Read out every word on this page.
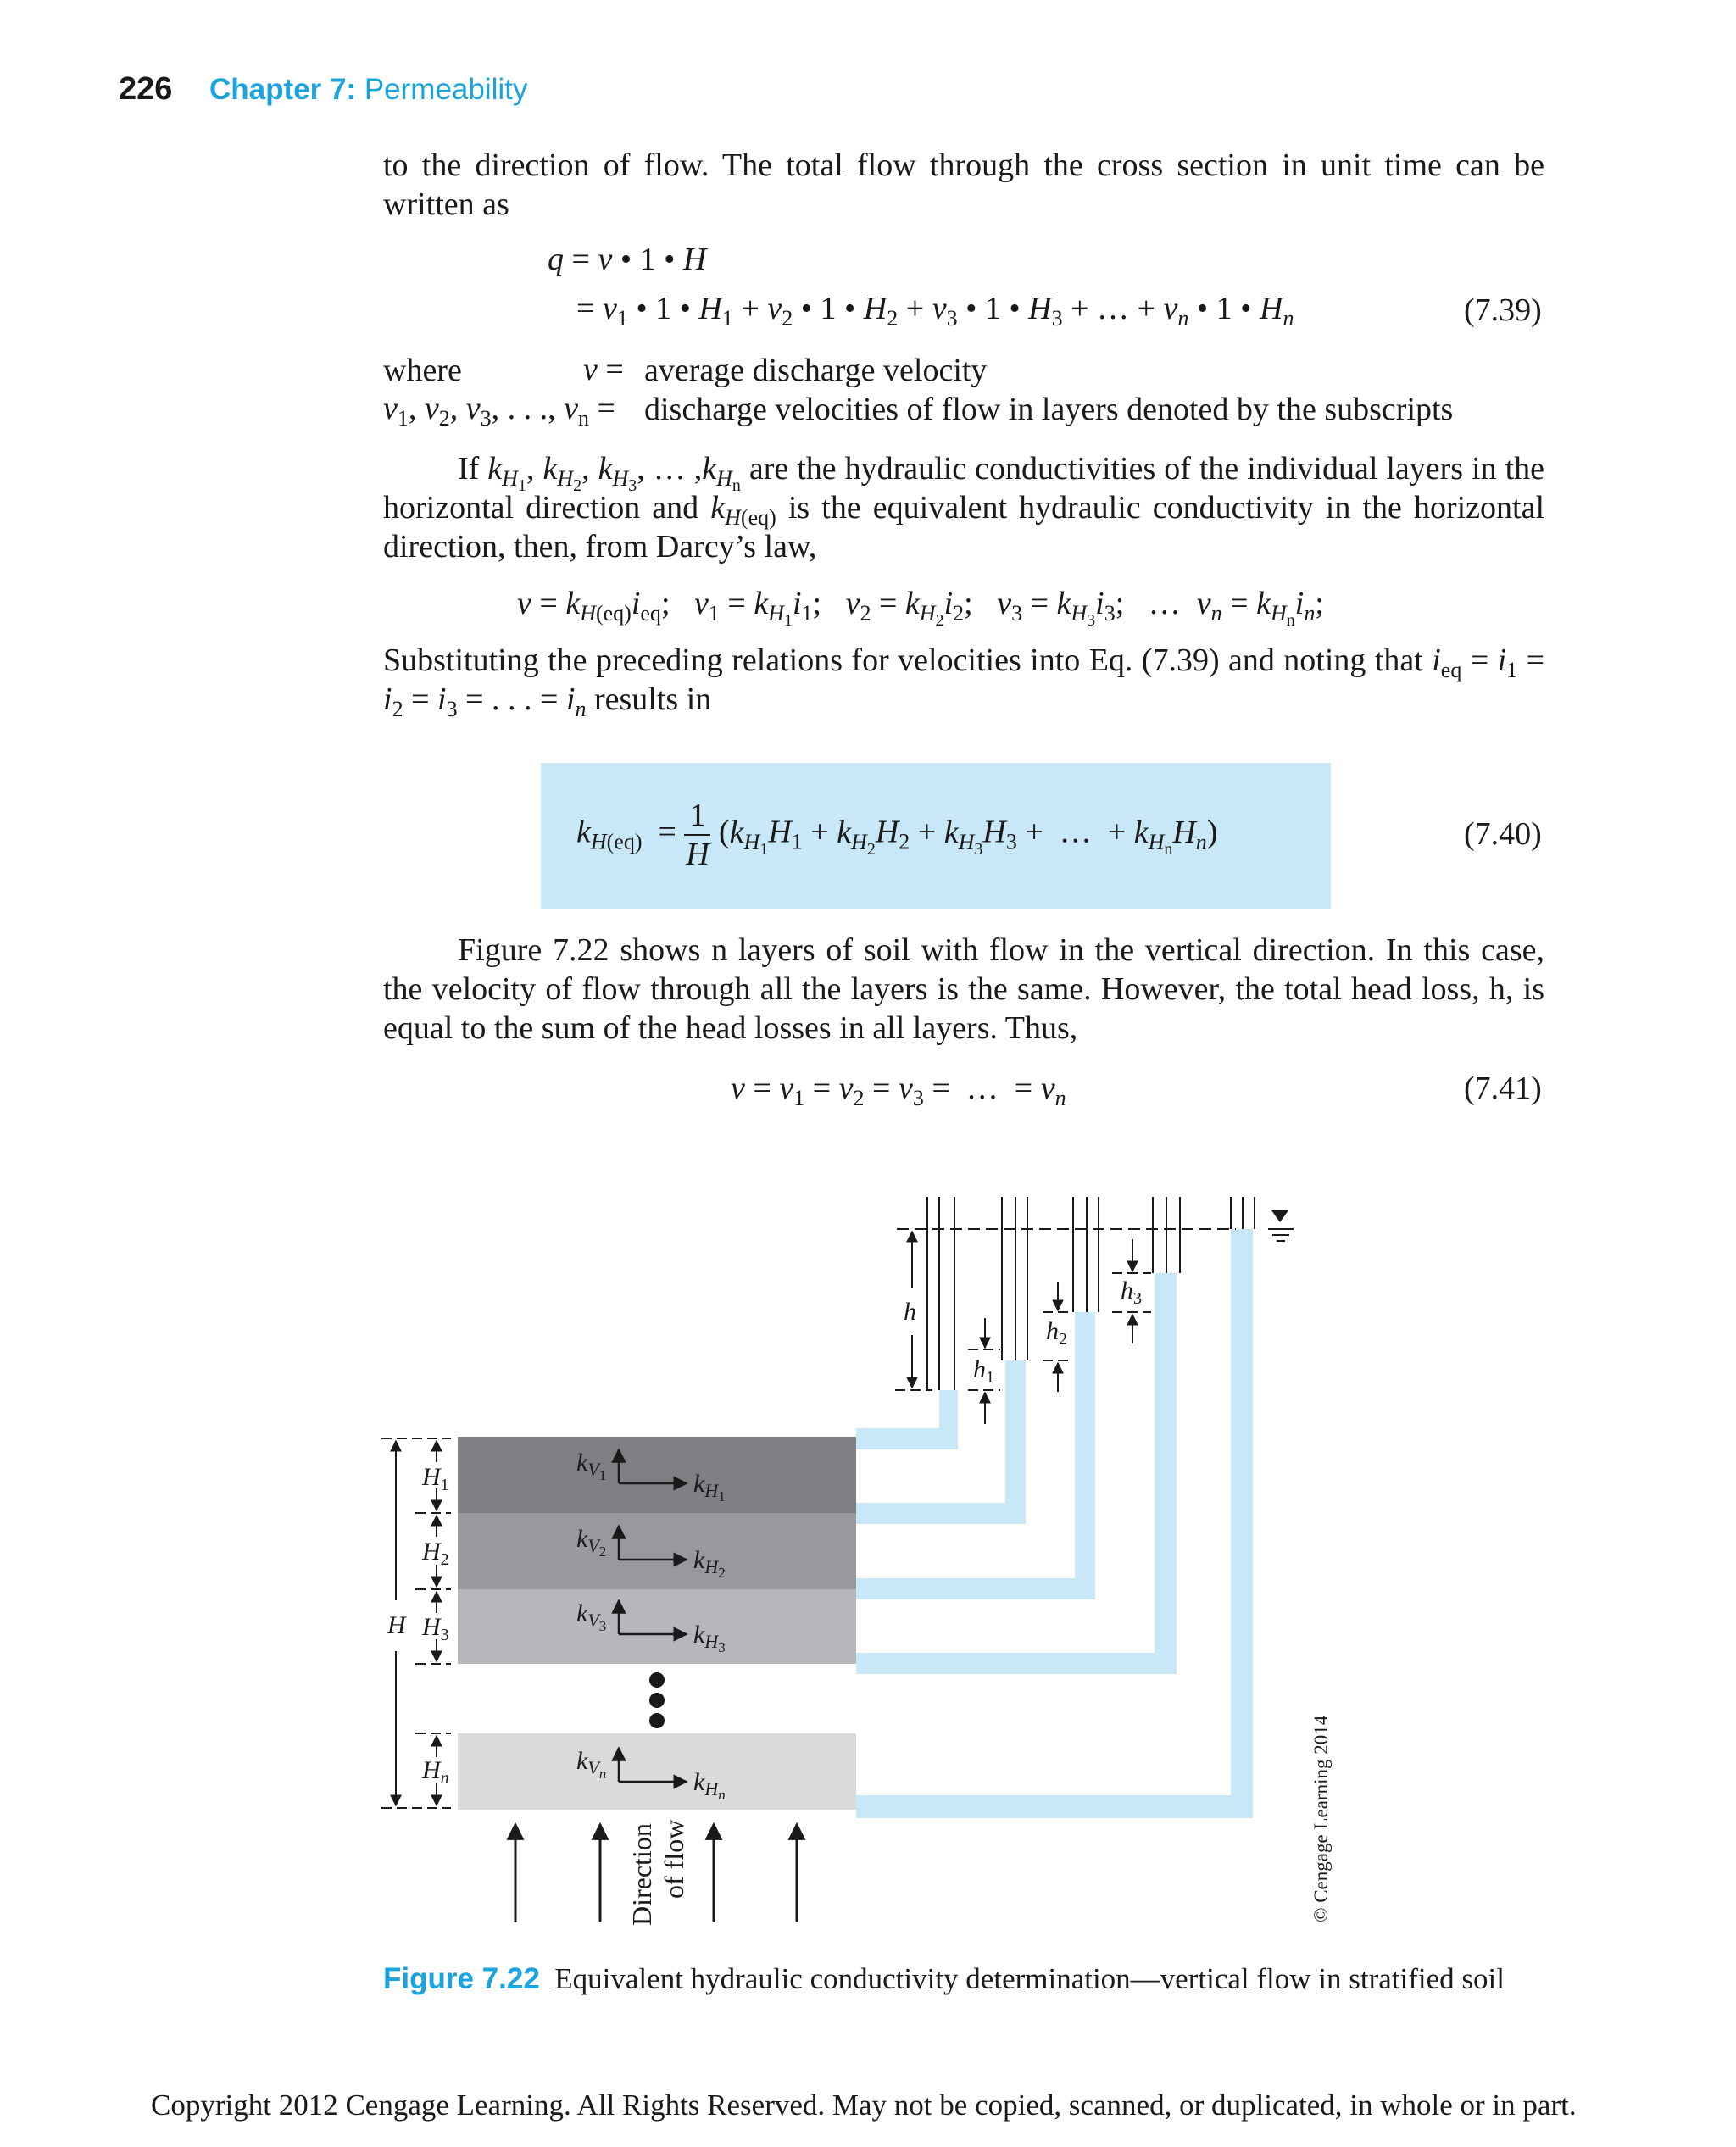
226 Chapter 7: Permeability
to the direction of flow. The total flow through the cross section in unit time can be written as
q = v • 1 • H
= $v_1$ • 1 • $H_1 + v_2$ • 1 • $H_2 + v_3$ • 1 • $H_3$ + … + $v_n$ • 1 • $H_n$	(7.39)
where	v = average discharge velocity
$v_1$, $v_2$, $v_3$, . . ., $v_n$ = discharge velocities of flow in layers denoted by the subscripts
If $k_{H_1}$, $k_{H_2}$, $k_{H_3}$, … $,k_{H_n}$ are the hydraulic conductivities of the individual layers in the horizontal direction and $k_{H(eq)}$ is the equivalent hydraulic conductivity in the horizontal direction, then, from Darcy’s law,
$v = k_{H(eq)}i_{eq}$;   $v_1 = k_{H_1}i_1$;   $v_2 = k_{H_2}i_2$;   $v_3 = k_{H_3}i_3$;   …  $v_n = k_{H_n}i_n$;
Substituting the preceding relations for velocities into Eq. (7.39) and noting that $i_{eq} = i_1 = i_2 = i_3$ = . . . = $i_n$ results in
$k_{H(eq)} = \frac{1}{H} (k_{H_1}H_1 + k_{H_2}H_2 + k_{H_3}H_3$ +  …  + $k_{H_n}H_n$)	(7.40)
Figure 7.22 shows n layers of soil with flow in the vertical direction. In this case, the velocity of flow through all the layers is the same. However, the total head loss, h, is equal to the sum of the head losses in all layers. Thus,
$v = v_1 = v_2 = v_3$ =  …  = $v_n$	(7.41)
$k_V1$	$k_H1$
$k_V2$	$k_H2$
$k_V3$	$k_H3$
$k_Vn$	$k_Hn$
$H_1$
$H_2$
H $H_3$
$H_n$
h
$h_1$
$h_2$
$h_3$
Direction of flow	© Cengage Learning 2014
Figure 7.22 Equivalent hydraulic conductivity determination—vertical flow in stratified soil
Copyright 2012 Cengage Learning. All Rights Reserved. May not be copied, scanned, or duplicated, in whole or in part.
